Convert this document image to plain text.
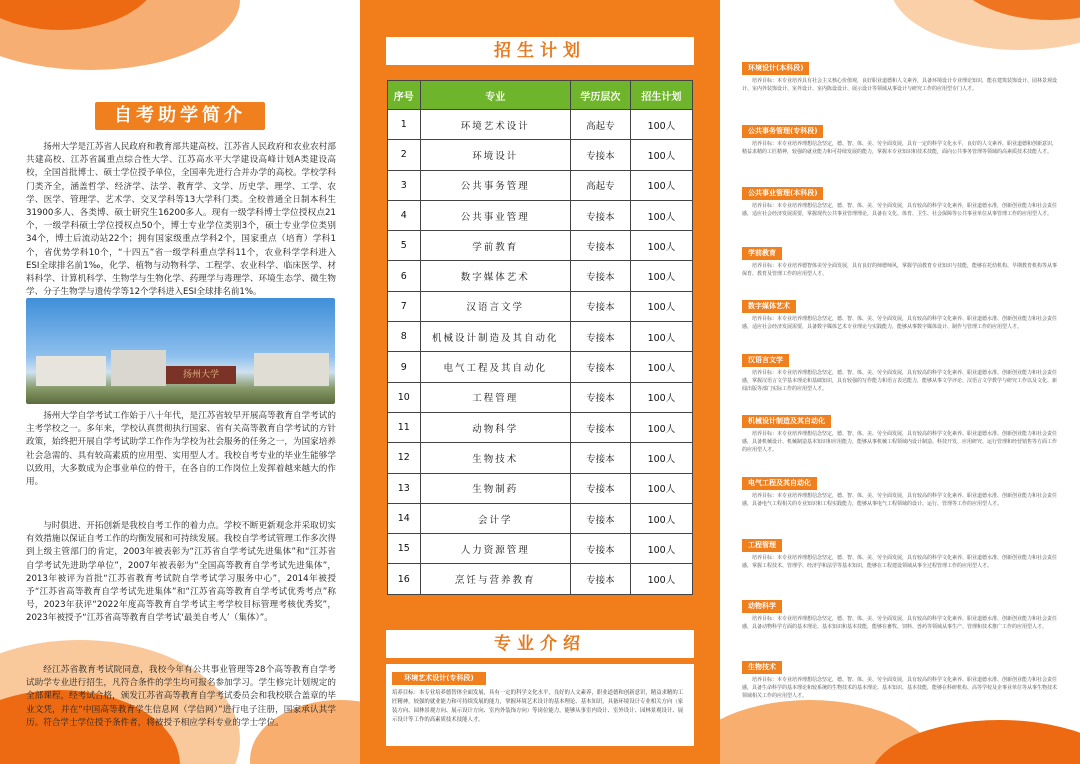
自考助学简介
扬州大学是江苏省人民政府和教育部共建高校、江苏省人民政府和农业农村部共建高校、江苏省属重点综合性大学、江苏高水平大学建设高峰计划A类建设高校，全国首批博士、硕士学位授予单位，全国率先进行合并办学的高校。学校学科门类齐全，涵盖哲学、经济学、法学、教育学、文学、历史学、理学、工学、农学、医学、管理学、艺术学、交叉学科等13大学科门类。全校普通全日制本科生31900多人、各类博、硕士研究生16200多人。现有一级学科博士学位授权点21个，一级学科硕士学位授权点50个，博士专业学位类别3个，硕士专业学位类别34个，博士后流动站22个；拥有国家级重点学科2个，国家重点（培育）学科1个，省优势学科10个，“十四五”省一级学科重点学科11个，农业科学学科进入ESI全球排名前1‰，化学、植物与动物科学、工程学、农业科学、临床医学、材料科学、计算机科学、生物学与生物化学、药理学与毒理学、环境生态学、微生物学、分子生物学与遗传学等12个学科进入ESI全球排名前1%。
扬州大学
扬州大学自学考试工作始于八十年代，是江苏省较早开展高等教育自学考试的主考学校之一。多年来，学校认真贯彻执行国家、省有关高等教育自学考试的方针政策，始终把开展自学考试助学工作作为学校为社会服务的任务之一，为国家培养社会急需的、具有较高素质的应用型、实用型人才。我校自考专业的毕业生能够学以致用，大多数成为企事业单位的骨干，在各自的工作岗位上发挥着越来越大的作用。
与时俱进、开拓创新是我校自考工作的着力点。学校不断更新观念并采取切实有效措施以保证自考工作的均衡发展和可持续发展。我校自学考试管理工作多次得到上级主管部门的肯定，2003年被表彰为“江苏省自学考试先进集体”和“江苏省自学考试先进助学单位”，2007年被表彰为“全国高等教育自学考试先进集体”，2013年被评为首批“江苏省教育考试院自学考试学习服务中心”，2014年被授予“江苏省高等教育自学考试先进集体”和“江苏省高等教育自学考试优秀考点”称号，2023年获评“2022年度高等教育自学考试主考学校目标管理考核优秀奖”，2023年被授予“江苏省高等教育自学考试‘最美自考人’（集体）”。
经江苏省教育考试院同意，我校今年有公共事业管理等28个高等教育自学考试助学专业进行招生，凡符合条件的学生均可报名参加学习。学生修完计划规定的全部课程，经考试合格，颁发江苏省高等教育自学考试委员会和我校联合盖章的毕业文凭，并在“中国高等教育学生信息网（学信网）”进行电子注册，国家承认其学历。符合学士学位授予条件者，将被授予相应学科专业的学士学位。
招生计划
序号	专业	学历层次	招生计划
1	环境艺术设计	高起专	100人
2	环境设计	专接本	100人
3	公共事务管理	高起专	100人
4	公共事业管理	专接本	100人
5	学前教育	专接本	100人
6	数字媒体艺术	专接本	100人
7	汉语言文学	专接本	100人
8	机械设计制造及其自动化	专接本	100人
9	电气工程及其自动化	专接本	100人
10	工程管理	专接本	100人
11	动物科学	专接本	100人
12	生物技术	专接本	100人
13	生物制药	专接本	100人
14	会计学	专接本	100人
15	人力资源管理	专接本	100人
16	烹饪与营养教育	专接本	100人
专业介绍
环境艺术设计(专科段)
培养目标：本专业培养德智体全面发展，具有一定的科学文化水平，良好的人文素养，职业道德和创新意识，精益求精的工匠精神，较强的就业能力和可持续发展的能力，掌握环境艺术设计的基本理论、基本知识，具备环境设计专业相关方向（家装方向、园林景观方向、展示设计方向、室内外装饰方向）等岗位能力，能够从事室内设计、室外设计、园林景观设计、展示设计等工作的高素质技术技能人才。
环境设计(本科段)
培养目标：本专业培养具有社会主义核心价值观，良好职业道德和人文素养，具备环境设计专业理论知识，能在建筑装饰设计、园林景观设计、室内外装饰设计、室外设计、室内陈设设计、展示设计等领域从事设计与研究工作的应用型专门人才。
公共事务管理(专科段)
培养目标：本专业培养理想信念坚定，德、智、体、美、劳全面发展，具有一定的科学文化水平，良好的人文素养、职业道德和创新意识，精益求精的工匠精神，较强的就业能力和可持续发展的能力，掌握本专业知识和技术技能，面向公共事务管理等领域的高素质技术技能人才。
公共事业管理(本科段)
培养目标：本专业培养理想信念坚定，德、智、体、美、劳全面发展，具有较高的科学文化素养，职业道德水准，创新创业能力和社会责任感，适应社会经济发展需要，掌握现代公共事业管理理论，具备在文化、体育、卫生、社会保障等公共事业单位从事管理工作的应用型人才。
学前教育
培养目标：本专业培养德智体美劳全面发展，具有良好的师德师风，掌握学前教育专业知识与技能，能够在托幼机构、早期教育机构等从事保育、教育及管理工作的应用型人才。
数字媒体艺术
培养目标：本专业培养理想信念坚定，德、智、体、美、劳全面发展，具有较高的科学文化素养、职业道德水准、创新创业能力和社会责任感，适应社会经济发展需要，具备数字媒体艺术专业理论与实践能力，能够从事数字媒体设计、制作与管理工作的应用型人才。
汉语言文学
培养目标：本专业培养理想信念坚定，德、智、体、美、劳全面发展，具有较高的科学文化素养、职业道德水准、创新创业能力和社会责任感，掌握汉语言文学基本理论和基础知识，具有较强的写作能力和语言表达能力，能够从事文学评论、汉语言文学教学与研究工作以及文化、新闻出版等部门实际工作的应用型人才。
机械设计制造及其自动化
培养目标：本专业培养理想信念坚定，德、智、体、美、劳全面发展，具有较高的科学文化素养、职业道德水准、创新创业能力和社会责任感，具备机械设计、机械制造基本知识和应用能力，能够从事机械工程领域内设计制造、科技开发、应用研究、运行管理和经营销售等方面工作的应用型人才。
电气工程及其自动化
培养目标：本专业培养理想信念坚定，德、智、体、美、劳全面发展，具有较高的科学文化素养、职业道德水准、创新创业能力和社会责任感，具备电气工程相关的专业知识和工程实践能力，能够从事电气工程领域的设计、运行、管理等工作的应用型人才。
工程管理
培养目标：本专业培养理想信念坚定，德、智、体、美、劳全面发展，具有较高的科学文化素养、职业道德水准、创新创业能力和社会责任感，掌握工程技术、管理学、经济学和法学等基本知识，能够在工程建设领域从事全过程管理工作的应用型人才。
动物科学
培养目标：本专业培养理想信念坚定，德、智、体、美、劳全面发展，具有较高的科学文化素养、职业道德水准、创新创业能力和社会责任感，具备动物科学方面的基本理论、基本知识和基本技能，能够在畜牧、饲料、兽药等领域从事生产、管理和技术推广工作的应用型人才。
生物技术
培养目标：本专业培养理想信念坚定，德、智、体、美、劳全面发展，具有较高的科学文化素养、职业道德水准、创新创业能力和社会责任感，具备生命科学的基本理论和较系统的生物技术的基本理论、基本知识、基本技能，能够在科研机构、高等学校及企事业单位等从事生物技术领域相关工作的应用型人才。
